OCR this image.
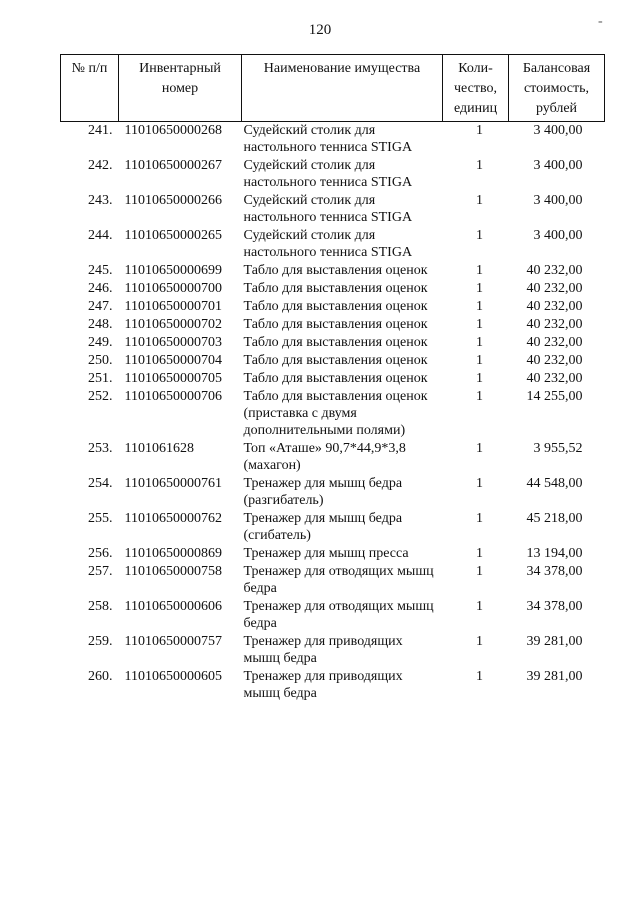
120
-
№ п/п	Инвентарный номер	Наименование имущества	Коли-чество, единиц	Балансовая стоимость, рублей
241.	11010650000268	Судейский столик для настольного тенниса STIGA	1	3 400,00
242.	11010650000267	Судейский столик для настольного тенниса STIGA	1	3 400,00
243.	11010650000266	Судейский столик для настольного тенниса STIGA	1	3 400,00
244.	11010650000265	Судейский столик для настольного тенниса STIGA	1	3 400,00
245.	11010650000699	Табло для выставления оценок	1	40 232,00
246.	11010650000700	Табло для выставления оценок	1	40 232,00
247.	11010650000701	Табло для выставления оценок	1	40 232,00
248.	11010650000702	Табло для выставления оценок	1	40 232,00
249.	11010650000703	Табло для выставления оценок	1	40 232,00
250.	11010650000704	Табло для выставления оценок	1	40 232,00
251.	11010650000705	Табло для выставления оценок	1	40 232,00
252.	11010650000706	Табло для выставления оценок (приставка с двумя дополнительными полями)	1	14 255,00
253.	1101061628	Топ «Аташе» 90,7*44,9*3,8 (махагон)	1	3 955,52
254.	11010650000761	Тренажер для мышц бедра (разгибатель)	1	44 548,00
255.	11010650000762	Тренажер для мышц бедра (сгибатель)	1	45 218,00
256.	11010650000869	Тренажер для мышц пресса	1	13 194,00
257.	11010650000758	Тренажер для отводящих мышц бедра	1	34 378,00
258.	11010650000606	Тренажер для отводящих мышц бедра	1	34 378,00
259.	11010650000757	Тренажер для приводящих мышц бедра	1	39 281,00
260.	11010650000605	Тренажер для приводящих мышц бедра	1	39 281,00
